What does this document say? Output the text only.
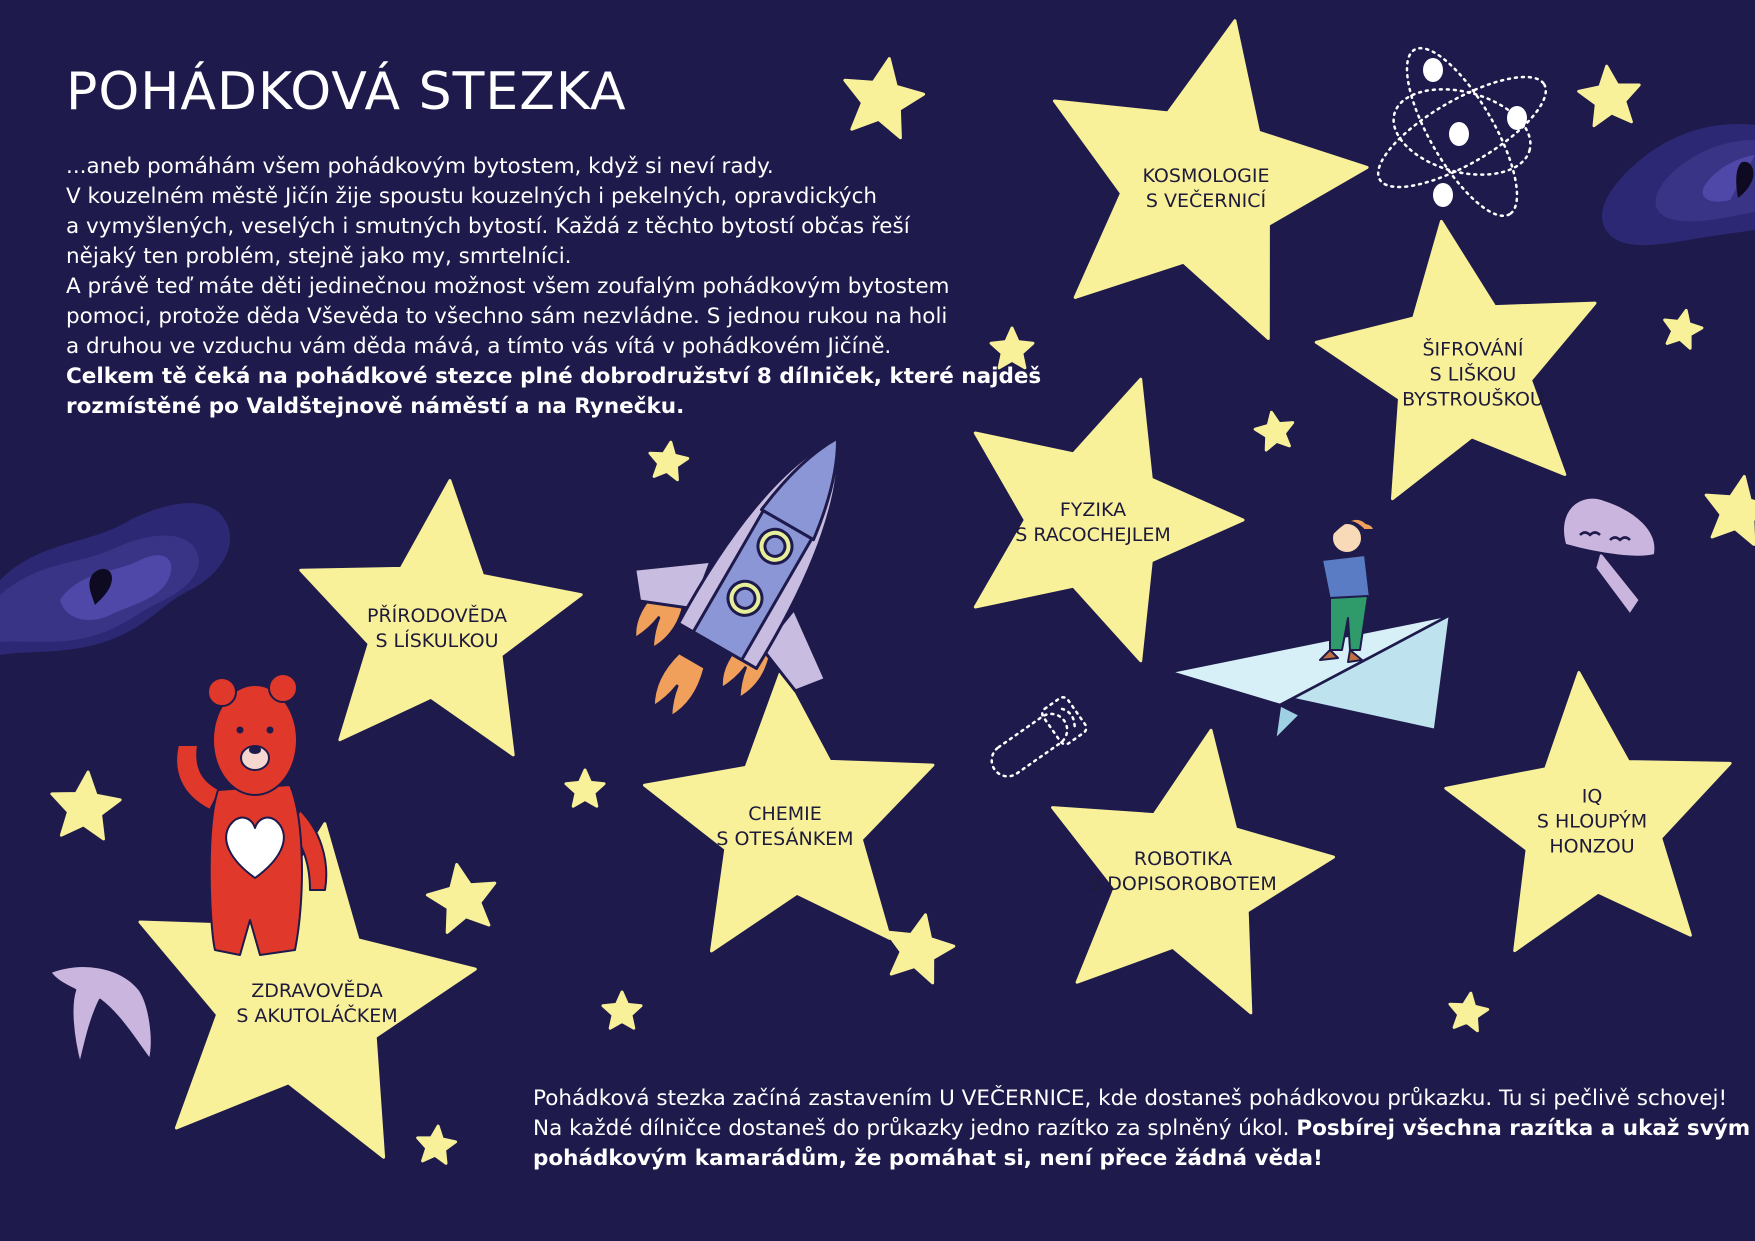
POHÁDKOVÁ STEZKA

...aneb pomáhám všem pohádkovým bytostem, když si neví rady.

V kouzelném městě Jičín žije spoustu kouzelných i pekelných, opravdických

a vymyšlených, veselých i smutných bytostí. Každá z těchto bytostí občas řeší

nějaký ten problém, stejně jako my, smrtelníci.

A právě teď máte děti jedinečnou možnost všem zoufalým pohádkovým bytostem

pomoci, protože děda Vševěda to všechno sám nezvládne. S jednou rukou na holi

a druhou ve vzduchu vám děda mává, a tímto vás vítá v pohádkovém Jičíně.

Celkem tě čeká na pohádkové stezce plné dobrodružství 8 dílniček, které najdeš

rozmístěné po Valdštejnově náměstí a na Rynečku.

KOSMOLOGIE
S VEČERNICÍ
ŠIFROVÁNÍ
S LIŠKOU
BYSTROUŠKOU
FYZIKA
S RACOCHEJLEM
PŘÍRODOVĚDA
S LÍSKULKOU
CHEMIE
S OTESÁNKEM
ROBOTIKA
S DOPISOROBOTEM
IQ
S HLOUPÝM
HONZOU
ZDRAVOVĚDA
S AKUTOLÁČKEM

Pohádková stezka začíná zastavením U VEČERNICE, kde dostaneš pohádkovou průkazku. Tu si pečlivě schovej!

Na každé dílničce dostaneš do průkazky jedno razítko za splněný úkol. Posbírej všechna razítka a ukaž svým

pohádkovým kamarádům, že pomáhat si, není přece žádná věda!
